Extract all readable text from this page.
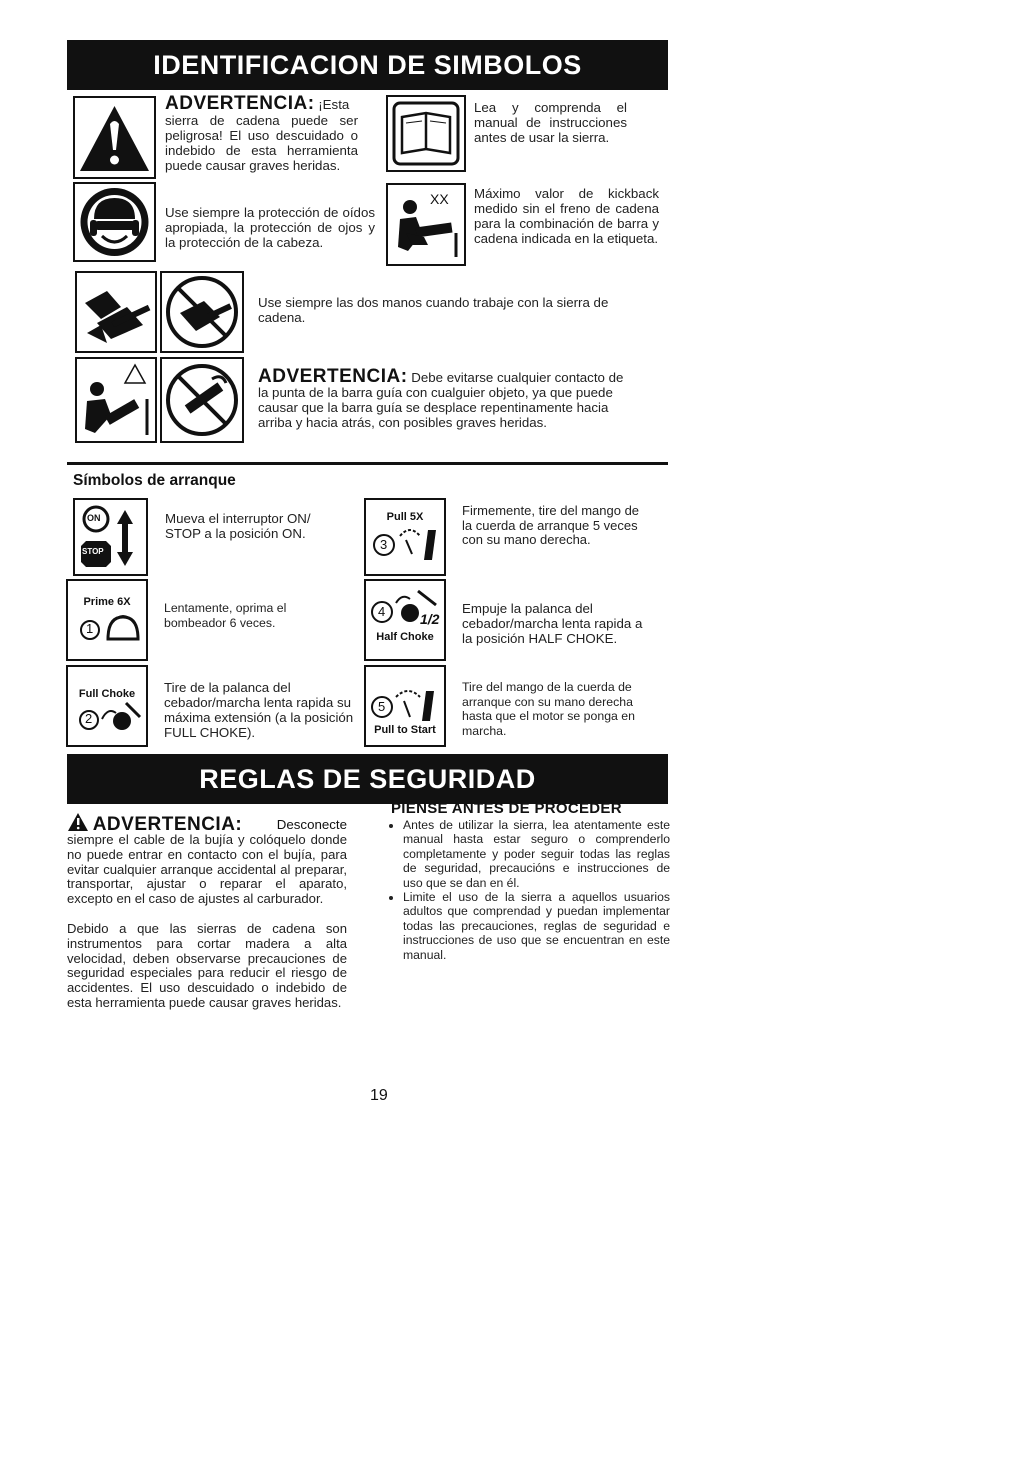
IDENTIFICACION DE SIMBOLOS
ADVERTENCIA: ¡Esta
sierra de cadena puede ser peligrosa! El uso descuidado o indebido de esta herramienta puede causar graves heridas.
Lea y comprenda el manual de instrucciones antes de usar la sierra.
Use siempre la protección de oídos apropiada, la protección de ojos y la protección de la cabeza.
XX Máximo valor de kickback medido sin el freno de cadena para la combinación de barra y cadena indicada en la etiqueta.
Use siempre las dos manos cuando trabaje con la sierra de cadena.
ADVERTENCIA: Debe evitarse cualquier contacto de
la punta de la barra guía con cualguier objeto, ya que puede causar que la barra guía se desplace repentinamente hacia arriba y hacia atrás, con posibles graves heridas.
Símbolos de arranque
ON
STOP
Mueva el interruptor ON/ STOP a la posición ON.
Prime 6X
1
Lentamente, oprima el bombeador 6 veces.
Full Choke
2
Tire de la palanca del cebador/marcha lenta rapida su máxima extensión (a la posición FULL CHOKE).
Pull 5X
3
Firmemente, tire del mango de la cuerda de arranque 5 veces con su mano derecha.
4 1/2
Half Choke
Empuje la palanca del cebador/marcha lenta rapida a la posición HALF CHOKE.
5
Pull to Start
Tire del mango de la cuerda de arranque con su mano derecha hasta que el motor se ponga en marcha.
REGLAS DE SEGURIDAD
ADVERTENCIA:	Desconecte
siempre el cable de la bujía y colóquelo donde no puede entrar en contacto con el bujía, para evitar cualquier arranque accidental al preparar, transportar, ajustar o reparar el aparato, excepto en el caso de ajustes al carburador.
Debido a que las sierras de cadena son instrumentos para cortar madera a alta velocidad, deben observarse precauciones de seguridad especiales para reducir el riesgo de accidentes. El uso descuidado o indebido de esta herramienta puede causar graves heridas.
PIENSE ANTES DE PROCEDER
• Antes de utilizar la sierra, lea atentamente este manual hasta estar seguro o comprenderlo completamente y poder seguir todas las reglas de seguridad, precaucións e instrucciones de uso que se dan en él.
• Limite el uso de la sierra a aquellos usuarios adultos que comprendad y puedan implementar todas las precauciones, reglas de seguridad e instrucciones de uso que se encuentran en este manual.
19
